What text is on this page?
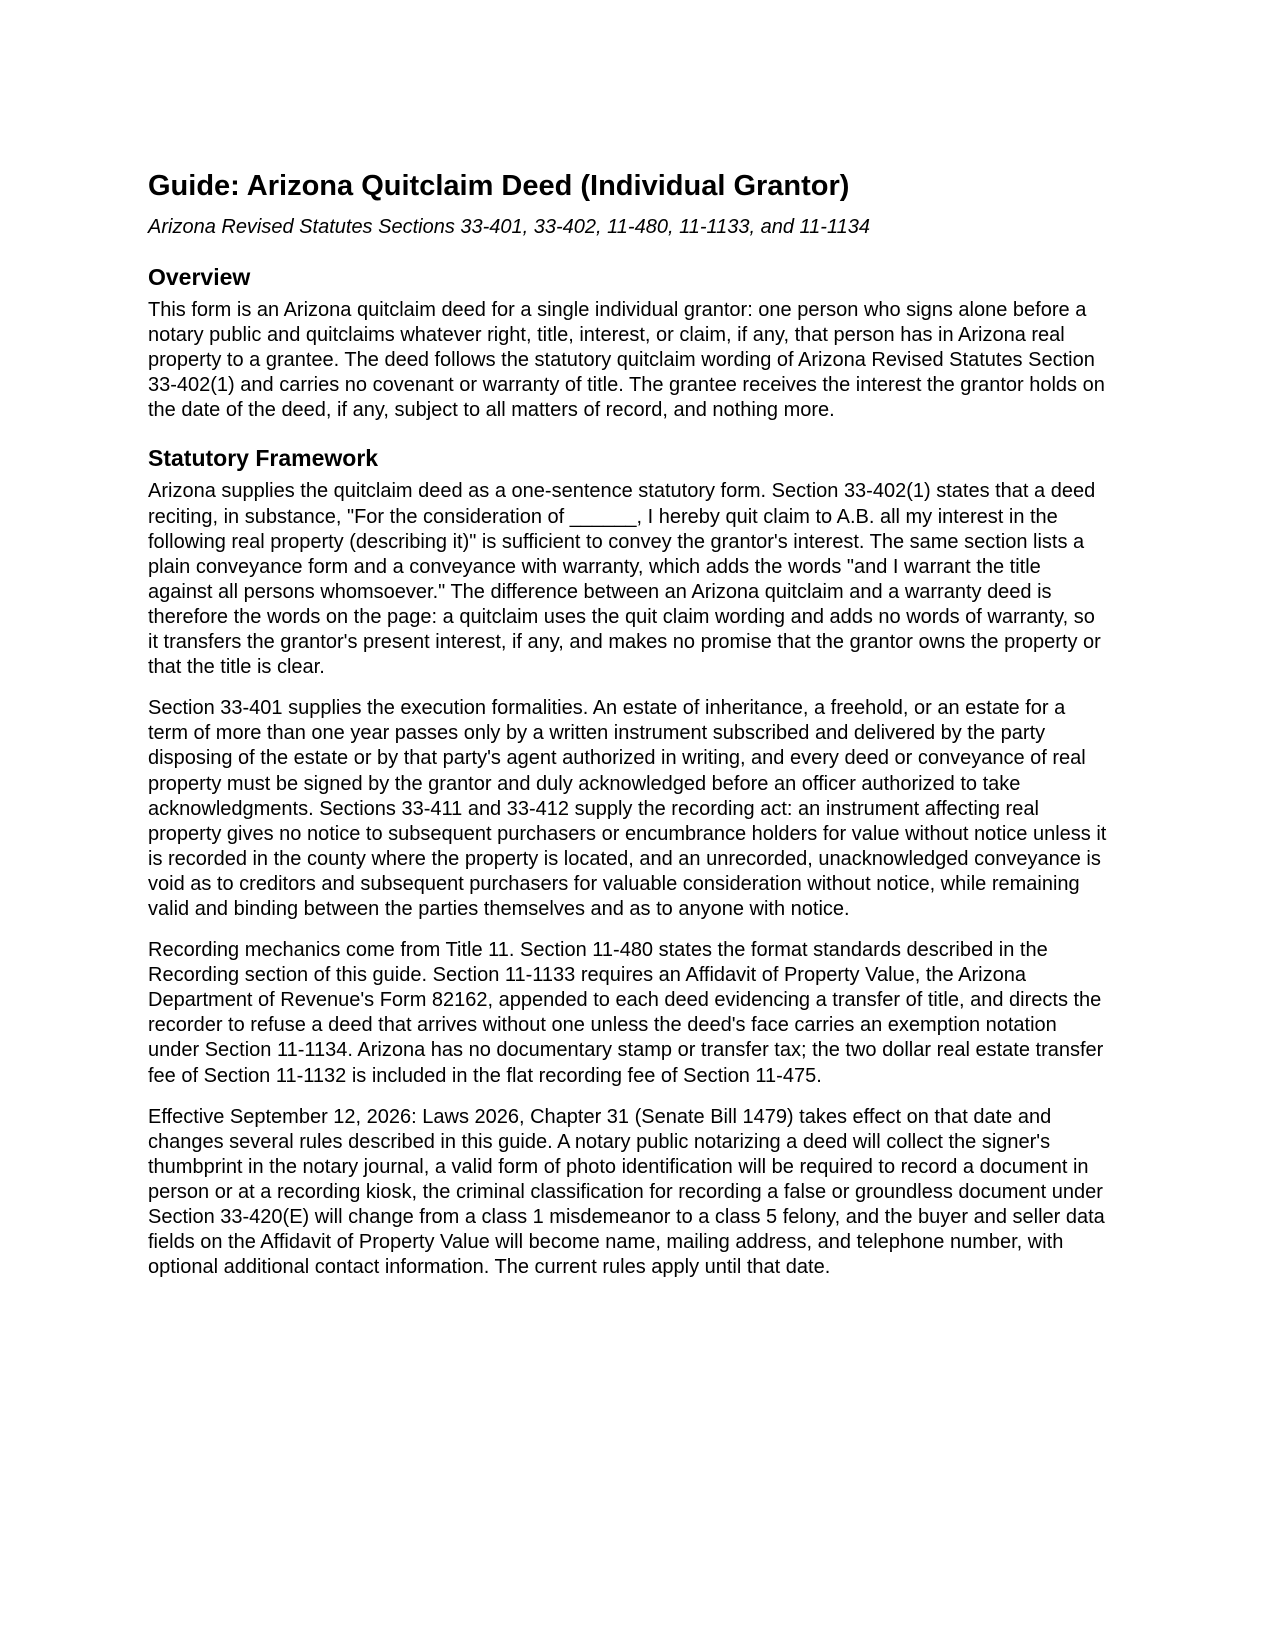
Guide: Arizona Quitclaim Deed (Individual Grantor)
Arizona Revised Statutes Sections 33-401, 33-402, 11-480, 11-1133, and 11-1134
Overview

This form is an Arizona quitclaim deed for a single individual grantor: one person who signs alone before a notary public and quitclaims whatever right, title, interest, or claim, if any, that person has in Arizona real property to a grantee. The deed follows the statutory quitclaim wording of Arizona Revised Statutes Section 33-402(1) and carries no covenant or warranty of title. The grantee receives the interest the grantor holds on the date of the deed, if any, subject to all matters of record, and nothing more.

Statutory Framework

Arizona supplies the quitclaim deed as a one-sentence statutory form. Section 33-402(1) states that a deed reciting, in substance, "For the consideration of ______, I hereby quit claim to A.B. all my interest in the following real property (describing it)" is sufficient to convey the grantor's interest. The same section lists a plain conveyance form and a conveyance with warranty, which adds the words "and I warrant the title against all persons whomsoever." The difference between an Arizona quitclaim and a warranty deed is therefore the words on the page: a quitclaim uses the quit claim wording and adds no words of warranty, so it transfers the grantor's present interest, if any, and makes no promise that the grantor owns the property or that the title is clear.

Section 33-401 supplies the execution formalities. An estate of inheritance, a freehold, or an estate for a term of more than one year passes only by a written instrument subscribed and delivered by the party disposing of the estate or by that party's agent authorized in writing, and every deed or conveyance of real property must be signed by the grantor and duly acknowledged before an officer authorized to take acknowledgments. Sections 33-411 and 33-412 supply the recording act: an instrument affecting real property gives no notice to subsequent purchasers or encumbrance holders for value without notice unless it is recorded in the county where the property is located, and an unrecorded, unacknowledged conveyance is void as to creditors and subsequent purchasers for valuable consideration without notice, while remaining valid and binding between the parties themselves and as to anyone with notice.

Recording mechanics come from Title 11. Section 11-480 states the format standards described in the Recording section of this guide. Section 11-1133 requires an Affidavit of Property Value, the Arizona Department of Revenue's Form 82162, appended to each deed evidencing a transfer of title, and directs the recorder to refuse a deed that arrives without one unless the deed's face carries an exemption notation under Section 11-1134. Arizona has no documentary stamp or transfer tax; the two dollar real estate transfer fee of Section 11-1132 is included in the flat recording fee of Section 11-475.

Effective September 12, 2026: Laws 2026, Chapter 31 (Senate Bill 1479) takes effect on that date and changes several rules described in this guide. A notary public notarizing a deed will collect the signer's thumbprint in the notary journal, a valid form of photo identification will be required to record a document in person or at a recording kiosk, the criminal classification for recording a false or groundless document under Section 33-420(E) will change from a class 1 misdemeanor to a class 5 felony, and the buyer and seller data fields on the Affidavit of Property Value will become name, mailing address, and telephone number, with optional additional contact information. The current rules apply until that date.
